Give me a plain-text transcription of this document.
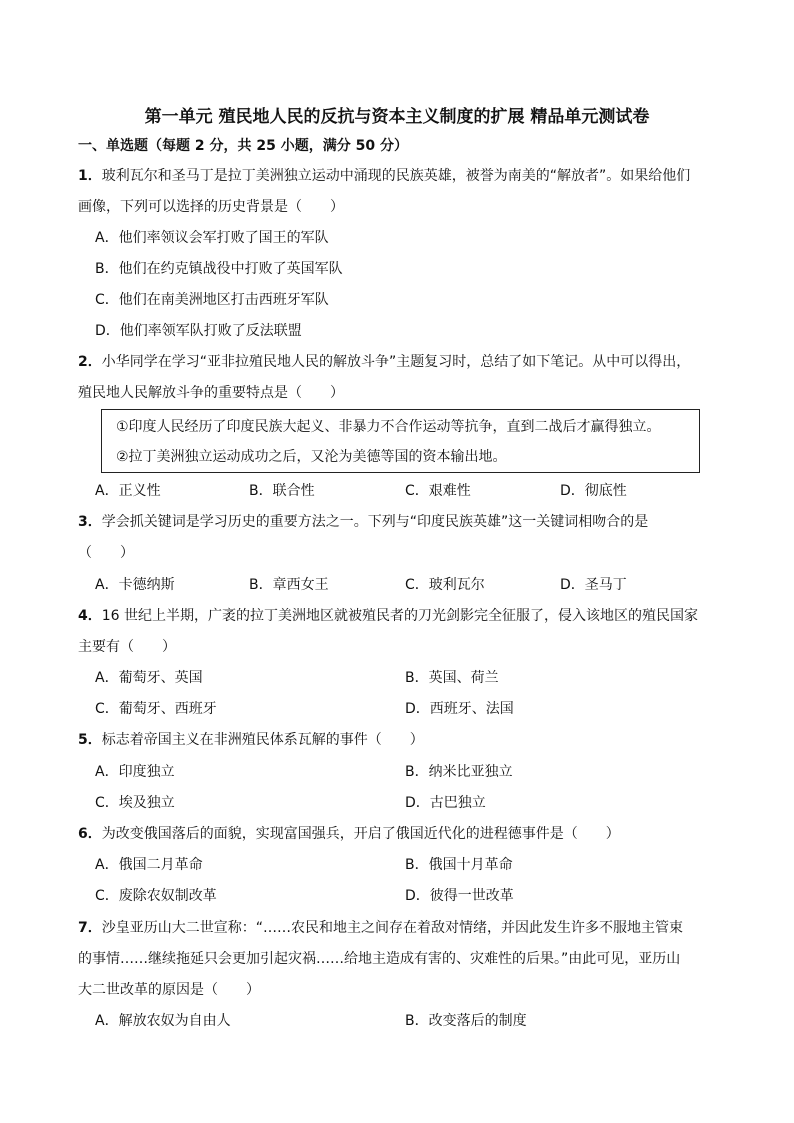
第一单元 殖民地人民的反抗与资本主义制度的扩展 精品单元测试卷
一、单选题（每题 2 分，共 25 小题，满分 50 分）
1．玻利瓦尔和圣马丁是拉丁美洲独立运动中涌现的民族英雄，被誉为南美的“解放者”。如果给他们
画像，下列可以选择的历史背景是（　　）
A．他们率领议会军打败了国王的军队
B．他们在约克镇战役中打败了英国军队
C．他们在南美洲地区打击西班牙军队
D．他们率领军队打败了反法联盟
2．小华同学在学习“亚非拉殖民地人民的解放斗争”主题复习时，总结了如下笔记。从中可以得出，
殖民地人民解放斗争的重要特点是（　　）
①印度人民经历了印度民族大起义、非暴力不合作运动等抗争，直到二战后才赢得独立。
②拉丁美洲独立运动成功之后，又沦为美德等国的资本输出地。
A．正义性	B．联合性	C．艰难性	D．彻底性
3．学会抓关键词是学习历史的重要方法之一。下列与“印度民族英雄”这一关键词相吻合的是
（　　）
A．卡德纳斯	B．章西女王	C．玻利瓦尔	D．圣马丁
4．16 世纪上半期，广袤的拉丁美洲地区就被殖民者的刀光剑影完全征服了，侵入该地区的殖民国家
主要有（　　）
A．葡萄牙、英国	B．英国、荷兰
C．葡萄牙、西班牙	D．西班牙、法国
5．标志着帝国主义在非洲殖民体系瓦解的事件（　　）
A．印度独立	B．纳米比亚独立
C．埃及独立	D．古巴独立
6．为改变俄国落后的面貌，实现富国强兵，开启了俄国近代化的进程德事件是（　　）
A．俄国二月革命	B．俄国十月革命
C．废除农奴制改革	D．彼得一世改革
7．沙皇亚历山大二世宣称：“……农民和地主之间存在着敌对情绪，并因此发生许多不服地主管束
的事情……继续拖延只会更加引起灾祸……给地主造成有害的、灾难性的后果。”由此可见，亚历山
大二世改革的原因是（　　）
A．解放农奴为自由人	B．改变落后的制度
